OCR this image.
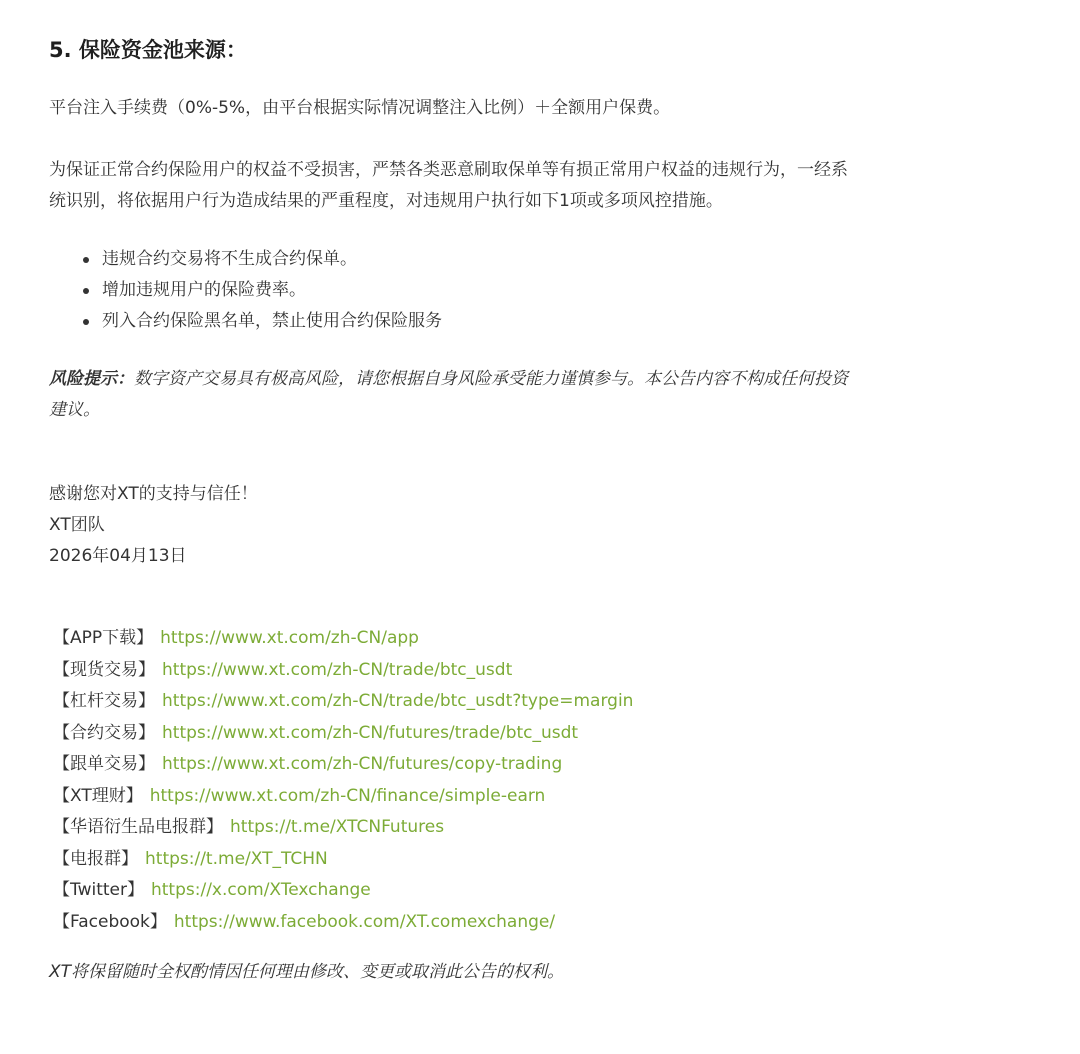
5. 保险资金池来源：
平台注入手续费（0%-5%，由平台根据实际情况调整注入比例）＋全额用户保费。
为保证正常合约保险用户的权益不受损害，严禁各类恶意刷取保单等有损正常用户权益的违规行为，一经系
统识别，将依据用户行为造成结果的严重程度，对违规用户执行如下1项或多项风控措施。
违规合约交易将不生成合约保单。
增加违规用户的保险费率。
列入合约保险黑名单，禁止使用合约保险服务
风险提示：数字资产交易具有极高风险，请您根据自身风险承受能力谨慎参与。本公告内容不构成任何投资
建议。
感谢您对XT的支持与信任！
XT团队
2026年04月13日
【APP下载】 https://www.xt.com/zh-CN/app
【现货交易】 https://www.xt.com/zh-CN/trade/btc_usdt
【杠杆交易】 https://www.xt.com/zh-CN/trade/btc_usdt?type=margin
【合约交易】 https://www.xt.com/zh-CN/futures/trade/btc_usdt
【跟单交易】 https://www.xt.com/zh-CN/futures/copy-trading
【XT理财】 https://www.xt.com/zh-CN/finance/simple-earn
【华语衍生品电报群】 https://t.me/XTCNFutures
【电报群】 https://t.me/XT_TCHN
【Twitter】 https://x.com/XTexchange
【Facebook】 https://www.facebook.com/XT.comexchange/
XT将保留随时全权酌情因任何理由修改、变更或取消此公告的权利。
